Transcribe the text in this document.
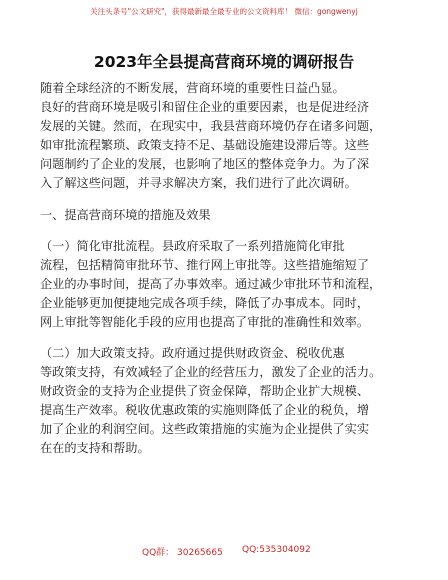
关注头条号"公文研究"，获得最新最全最专业的公文资料库！ 微信：gongwenyj
2023年全县提高营商环境的调研报告
随着全球经济的不断发展，营商环境的重要性日益凸显。
良好的营商环境是吸引和留住企业的重要因素，也是促进经济
发展的关键。然而，在现实中，我县营商环境仍存在诸多问题，
如审批流程繁琐、政策支持不足、基础设施建设滞后等。这些
问题制约了企业的发展，也影响了地区的整体竞争力。为了深
入了解这些问题，并寻求解决方案，我们进行了此次调研。
一、提高营商环境的措施及效果
（一）简化审批流程。县政府采取了一系列措施简化审批
流程，包括精简审批环节、推行网上审批等。这些措施缩短了
企业的办事时间，提高了办事效率。通过减少审批环节和流程，
企业能够更加便捷地完成各项手续，降低了办事成本。同时，
网上审批等智能化手段的应用也提高了审批的准确性和效率。
（二）加大政策支持。政府通过提供财政资金、税收优惠
等政策支持，有效减轻了企业的经营压力，激发了企业的活力。
财政资金的支持为企业提供了资金保障，帮助企业扩大规模、
提高生产效率。税收优惠政策的实施则降低了企业的税负，增
加了企业的利润空间。这些政策措施的实施为企业提供了实实
在在的支持和帮助。
QQ群： 30265665 QQ:535304092
